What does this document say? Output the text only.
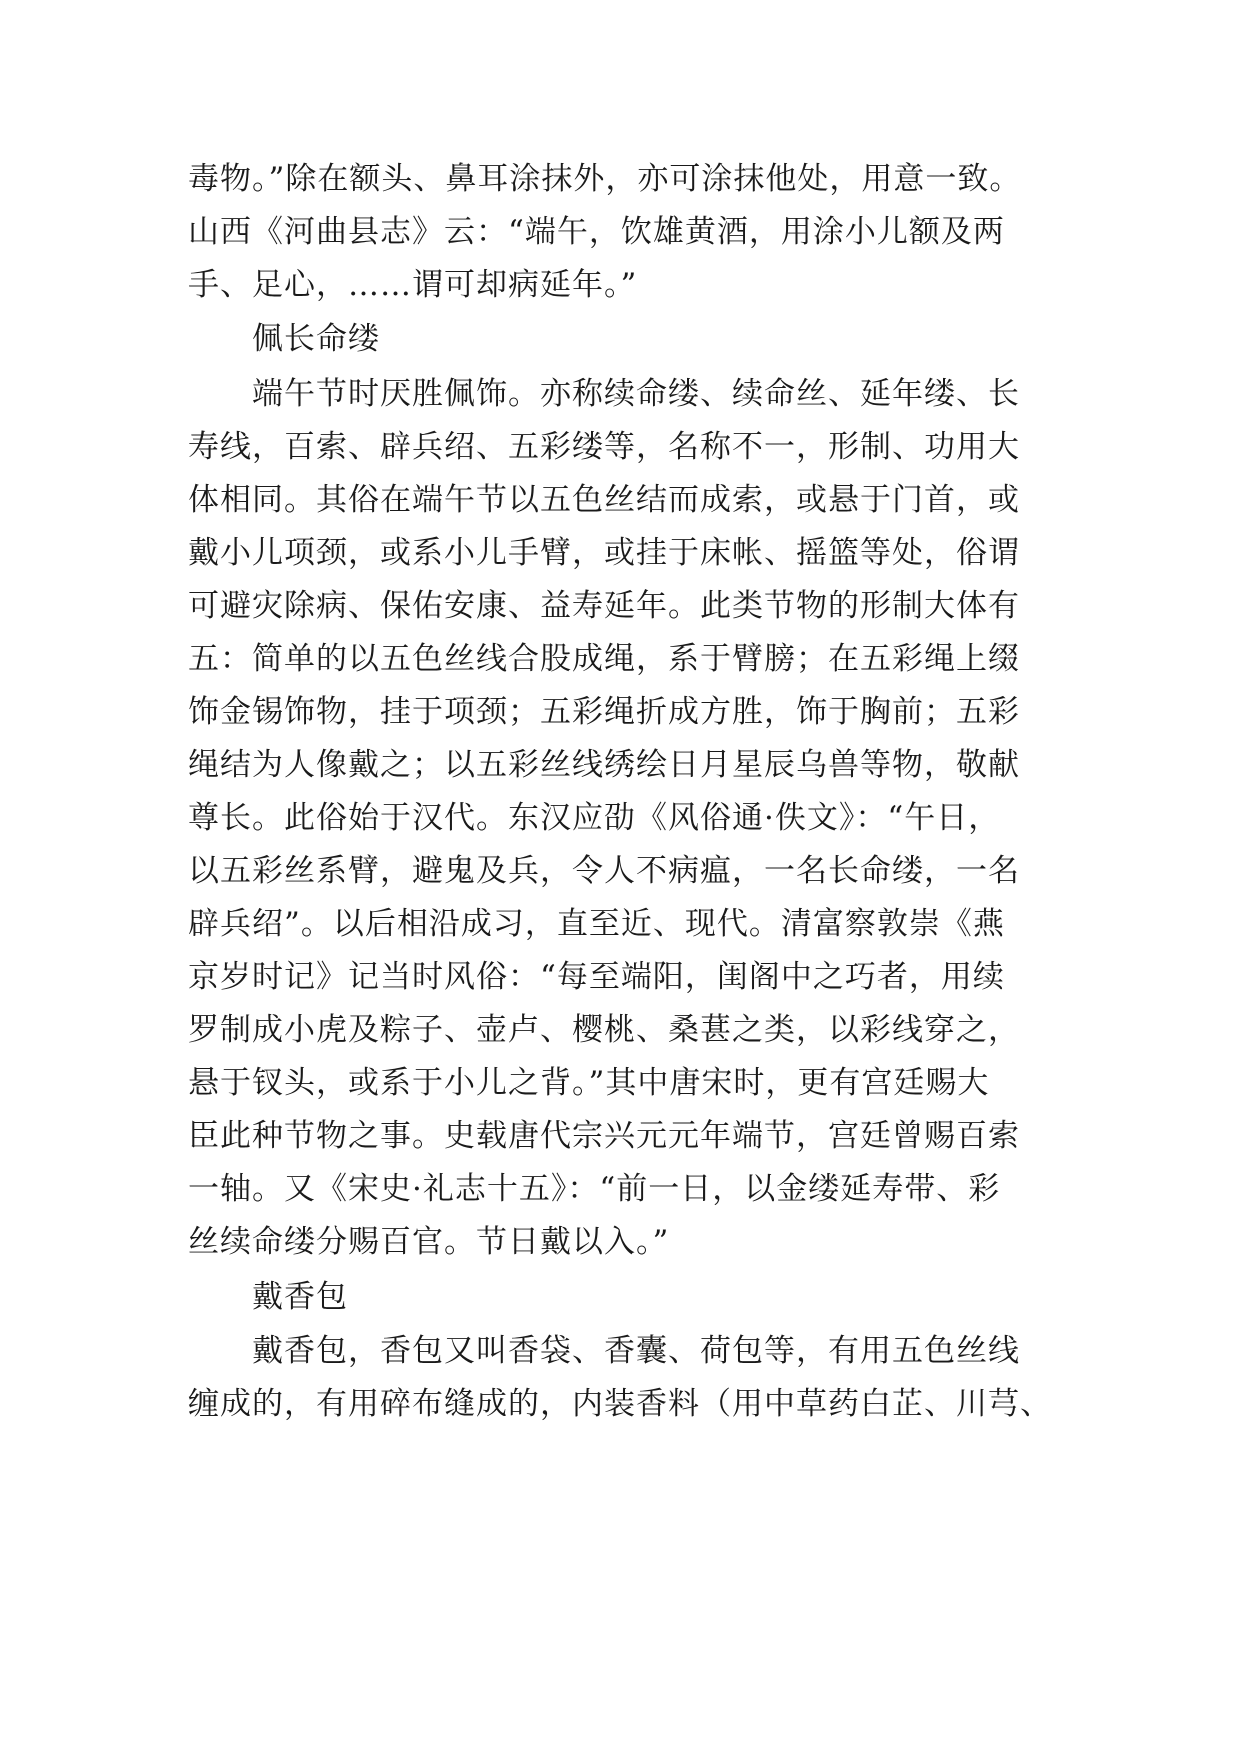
毒物。”除在额头、鼻耳涂抹外，亦可涂抹他处，用意一致。
山西《河曲县志》云：“端午，饮雄黄酒，用涂小儿额及两
手、足心，……谓可却病延年。”
佩长命缕
端午节时厌胜佩饰。亦称续命缕、续命丝、延年缕、长
寿线，百索、辟兵绍、五彩缕等，名称不一，形制、功用大
体相同。其俗在端午节以五色丝结而成索，或悬于门首，或
戴小儿项颈，或系小儿手臂，或挂于床帐、摇篮等处，俗谓
可避灾除病、保佑安康、益寿延年。此类节物的形制大体有
五：简单的以五色丝线合股成绳，系于臂膀；在五彩绳上缀
饰金锡饰物，挂于项颈；五彩绳折成方胜，饰于胸前；五彩
绳结为人像戴之；以五彩丝线绣绘日月星辰乌兽等物，敬献
尊长。此俗始于汉代。东汉应劭《风俗通·佚文》：“午日，
以五彩丝系臂，避鬼及兵，令人不病瘟，一名长命缕，一名
辟兵绍”。以后相沿成习，直至近、现代。清富察敦崇《燕
京岁时记》记当时风俗：“每至端阳，闺阁中之巧者，用续
罗制成小虎及粽子、壶卢、樱桃、桑葚之类，以彩线穿之，
悬于钗头，或系于小儿之背。”其中唐宋时，更有宫廷赐大
臣此种节物之事。史载唐代宗兴元元年端节，宫廷曾赐百索
一轴。又《宋史·礼志十五》：“前一日，以金缕延寿带、彩
丝续命缕分赐百官。节日戴以入。”
戴香包
戴香包，香包又叫香袋、香囊、荷包等，有用五色丝线
缠成的，有用碎布缝成的，内装香料（用中草药白芷、川芎、
